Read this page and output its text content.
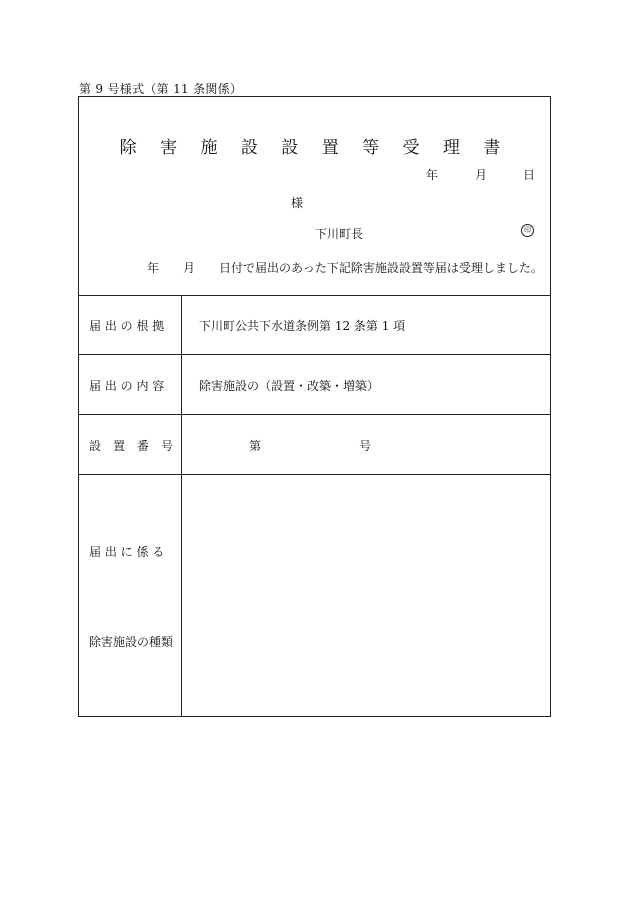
第 9 号様式（第 11 条関係）
除 害 施 設 設 置 等 受 理 書
年	月	日
様
下川町長	印
年 月 日付で届出のあった下記除害施設設置等届は受理しました。
届 出 の 根 拠	下川町公共下水道条例第 12 条第 1 項
届 出 の 内 容	除害施設の（設置・改築・増築）
設　置　番　号	第	号
届 出 に 係 る
除害施設の種類
